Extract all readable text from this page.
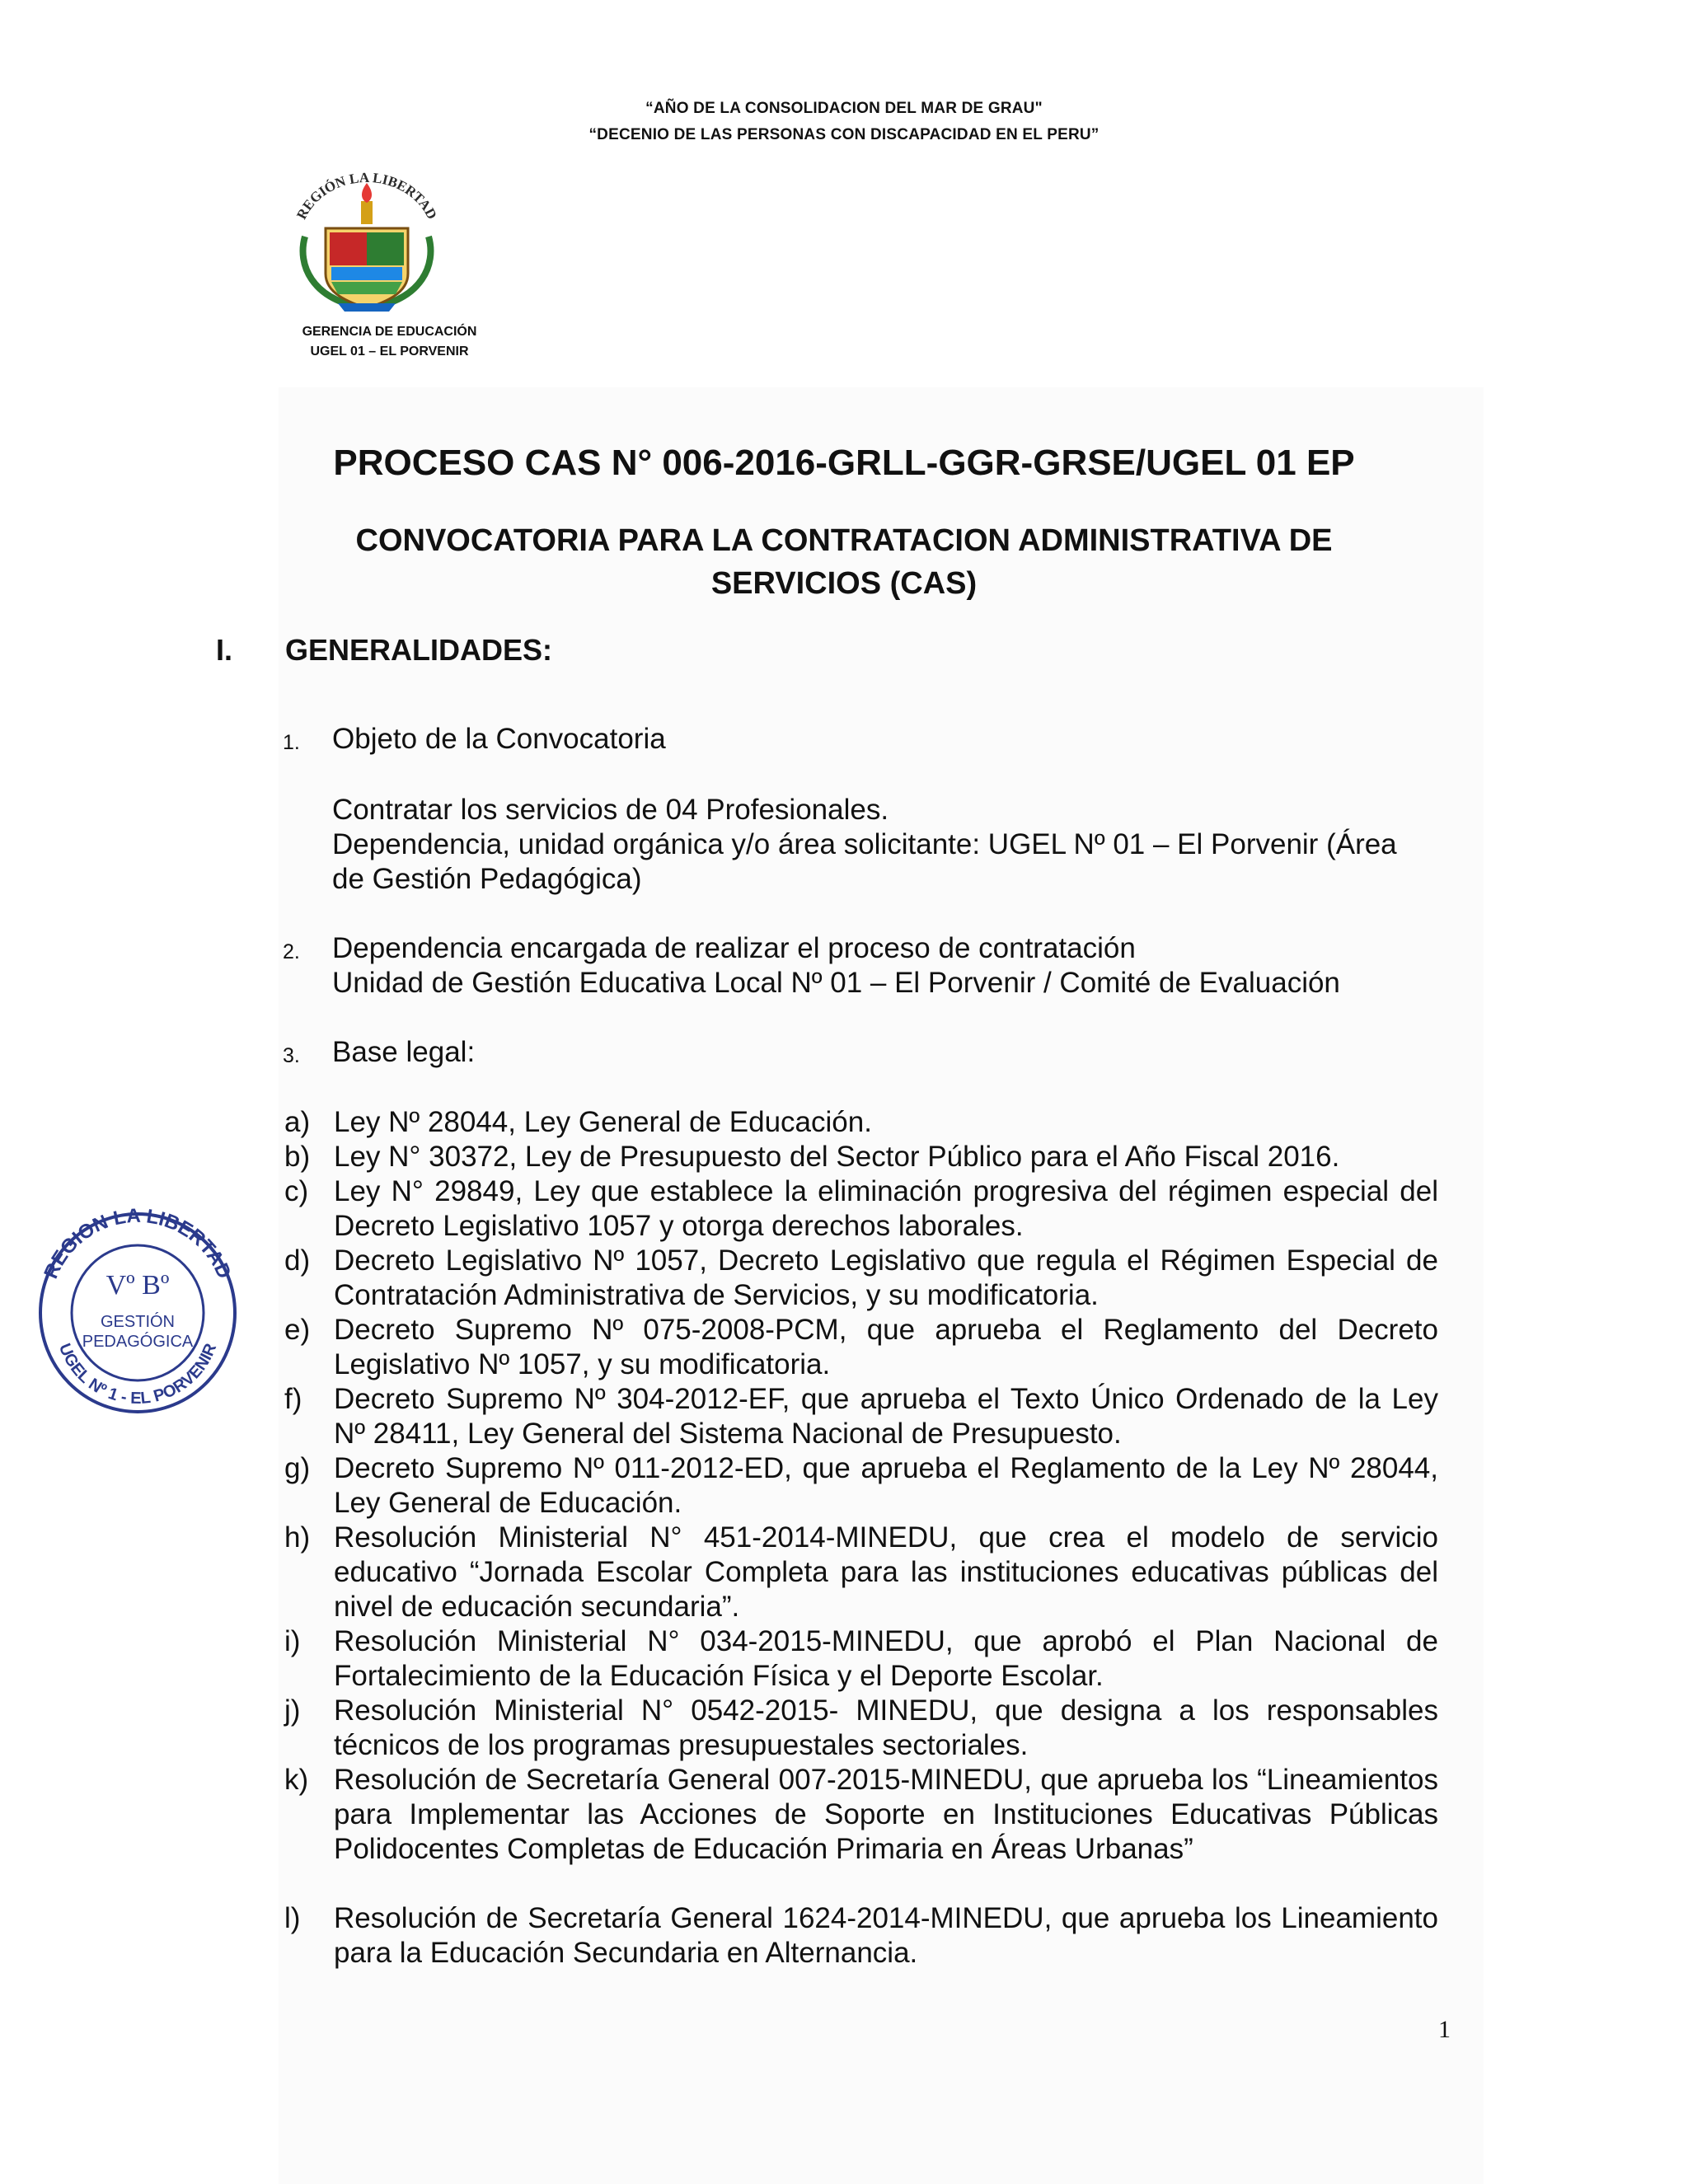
“AÑO DE LA CONSOLIDACION DEL MAR DE GRAU"
“DECENIO DE LAS PERSONAS CON DISCAPACIDAD EN EL PERU”
REGIÓN LA LIBERTAD
GERENCIA DE EDUCACIÓN
UGEL 01 – EL PORVENIR
PROCESO CAS N° 006-2016-GRLL-GGR-GRSE/UGEL 01 EP
CONVOCATORIA PARA LA CONTRATACION ADMINISTRATIVA DE
SERVICIOS (CAS)
I. GENERALIDADES:
1. Objeto de la Convocatoria
Contratar los servicios de 04 Profesionales.
Dependencia, unidad orgánica y/o área solicitante: UGEL Nº 01 – El Porvenir (Área
de Gestión Pedagógica)
2. Dependencia encargada de realizar el proceso de contratación
Unidad de Gestión Educativa Local Nº 01 – El Porvenir / Comité de Evaluación
3. Base legal:
a) Ley Nº 28044, Ley General de Educación.
b) Ley N° 30372, Ley de Presupuesto del Sector Público para el Año Fiscal 2016.
c) Ley N° 29849, Ley que establece la eliminación progresiva del régimen especial del Decreto Legislativo 1057 y otorga derechos laborales.
d) Decreto Legislativo Nº 1057, Decreto Legislativo que regula el Régimen Especial de Contratación Administrativa de Servicios, y su modificatoria.
e) Decreto Supremo Nº 075-2008-PCM, que aprueba el Reglamento del Decreto Legislativo Nº 1057, y su modificatoria.
f) Decreto Supremo Nº 304-2012-EF, que aprueba el Texto Único Ordenado de la Ley Nº 28411, Ley General del Sistema Nacional de Presupuesto.
g) Decreto Supremo Nº 011-2012-ED, que aprueba el Reglamento de la Ley Nº 28044, Ley General de Educación.
h) Resolución Ministerial N° 451-2014-MINEDU, que crea el modelo de servicio educativo “Jornada Escolar Completa para las instituciones educativas públicas del nivel de educación secundaria”.
i) Resolución Ministerial N° 034-2015-MINEDU, que aprobó el Plan Nacional de Fortalecimiento de la Educación Física y el Deporte Escolar.
j) Resolución Ministerial N° 0542-2015- MINEDU, que designa a los responsables técnicos de los programas presupuestales sectoriales.
k) Resolución de Secretaría General 007-2015-MINEDU, que aprueba los “Lineamientos para Implementar las Acciones de Soporte en Instituciones Educativas Públicas Polidocentes Completas de Educación Primaria en Áreas Urbanas”
l) Resolución de Secretaría General 1624-2014-MINEDU, que aprueba los Lineamiento para la Educación Secundaria en Alternancia.
REGION LA LIBERTAD
UGEL Nº 1 - EL PORVENIR
Vº Bº
GESTIÓN
PEDAGÓGICA
1
